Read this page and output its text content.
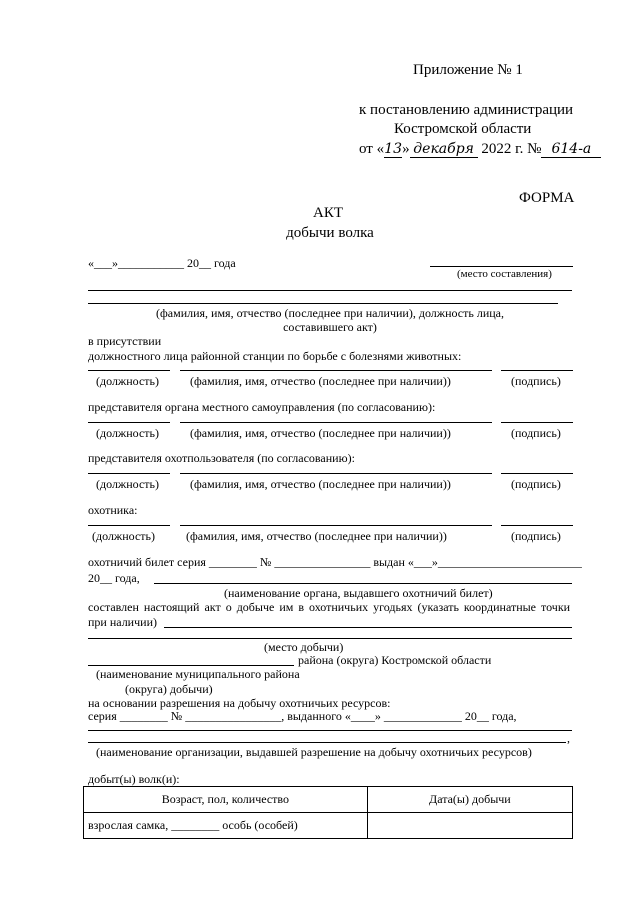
Приложение № 1
к постановлению администрации
Костромской области
от «13» декабря 2022 г. № 614-а
ФОРМА
АКТ
добычи волка
«___»___________ 20__ года
(место составления)
(фамилия, имя, отчество (последнее при наличии), должность лица,
составившего акт)
в присутствии
должностного лица районной станции по борьбе с болезнями животных:
(должность)	(фамилия, имя, отчество (последнее при наличии))	(подпись)
представителя органа местного самоуправления (по согласованию):
(должность)	(фамилия, имя, отчество (последнее при наличии))	(подпись)
представителя охотпользователя (по согласованию):
(должность)	(фамилия, имя, отчество (последнее при наличии))	(подпись)
охотника:
(должность)	(фамилия, имя, отчество (последнее при наличии))	(подпись)
охотничий билет серия ________ № ________________ выдан «___»________________________
20__ года,
(наименование органа, выдавшего охотничий билет)
составлен настоящий акт о добыче им в охотничьих угодьях (указать координатные точки
при наличии)
(место добычи)
района (округа) Костромской области
(наименование муниципального района
(округа) добычи)
на основании разрешения на добычу охотничьих ресурсов:
серия ________ № ________________, выданного «____» _____________ 20__ года,
,
(наименование организации, выдавшей разрешение на добычу охотничьих ресурсов)
добыт(ы) волк(и):
Возраст, пол, количество	Дата(ы) добычи
взрослая самка, ________ особь (особей)	
